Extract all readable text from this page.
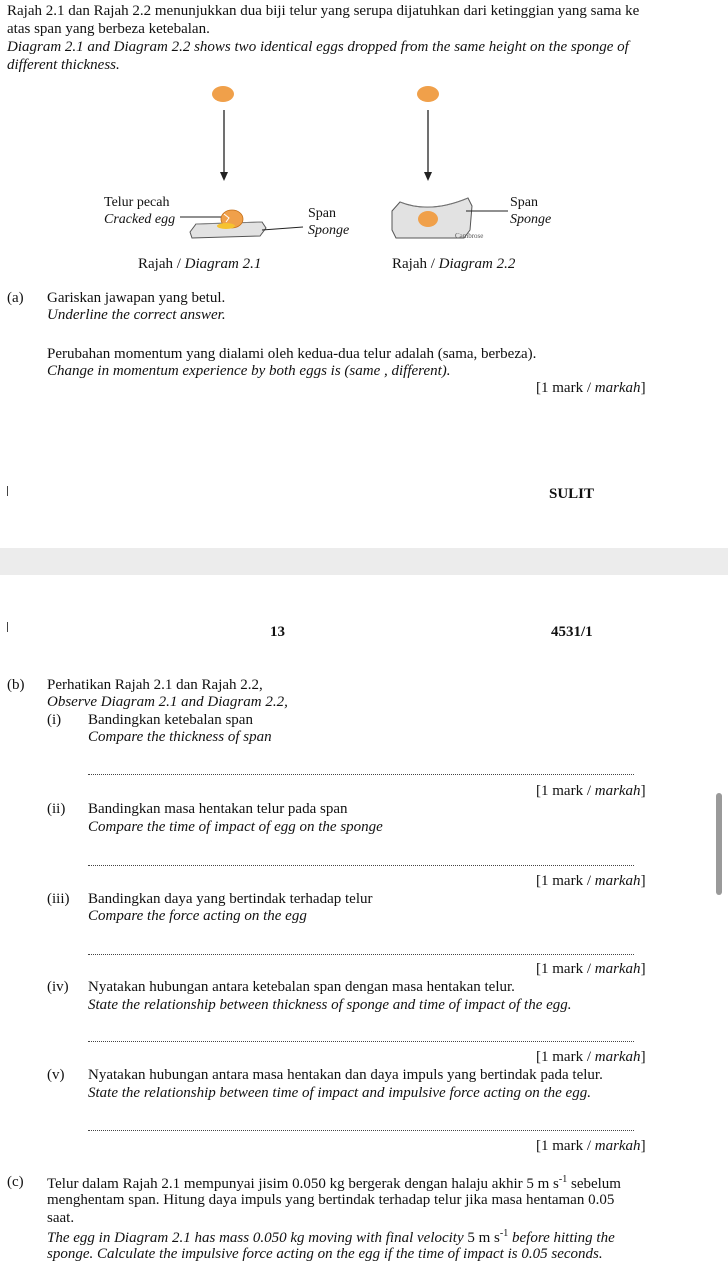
Rajah 2.1 dan Rajah 2.2 menunjukkan dua biji telur yang serupa dijatuhkan dari ketinggian yang sama ke
atas span yang berbeza ketebalan.
Diagram 2.1 and Diagram 2.2 shows two identical eggs dropped from the same height on the sponge of
different thickness.
Cambrose
Telur pecah
Cracked egg	Span
Sponge
Span
Sponge
Rajah / Diagram 2.1	Rajah / Diagram 2.2
(a) Gariskan jawapan yang betul.
Underline the correct answer.
Perubahan momentum yang dialami oleh kedua-dua telur adalah (sama, berbeza).
Change in momentum experience by both eggs is (same , different).
[1 mark / markah]
SULIT
13	4531/1
(b) Perhatikan Rajah 2.1 dan Rajah 2.2,
Observe Diagram 2.1 and Diagram 2.2,
(i) Bandingkan ketebalan span
Compare the thickness of span
[1 mark / markah]
(ii) Bandingkan masa hentakan telur pada span
Compare the time of impact of egg on the sponge
[1 mark / markah]
(iii) Bandingkan daya yang bertindak terhadap telur
Compare the force acting on the egg
[1 mark / markah]
(iv) Nyatakan hubungan antara ketebalan span dengan masa hentakan telur.
State the relationship between thickness of sponge and time of impact of the egg.
[1 mark / markah]
(v) Nyatakan hubungan antara masa hentakan dan daya impuls yang bertindak pada telur.
State the relationship between time of impact and impulsive force acting on the egg.
[1 mark / markah]
(c) Telur dalam Rajah 2.1 mempunyai jisim 0.050 kg bergerak dengan halaju akhir 5 m $s^{-1}$ sebelum
menghentam span. Hitung daya impuls yang bertindak terhadap telur jika masa hentaman 0.05
saat.
The egg in Diagram 2.1 has mass 0.050 kg moving with final velocity 5 m $s^{-1}$ before hitting the
sponge. Calculate the impulsive force acting on the egg if the time of impact is 0.05 seconds.
